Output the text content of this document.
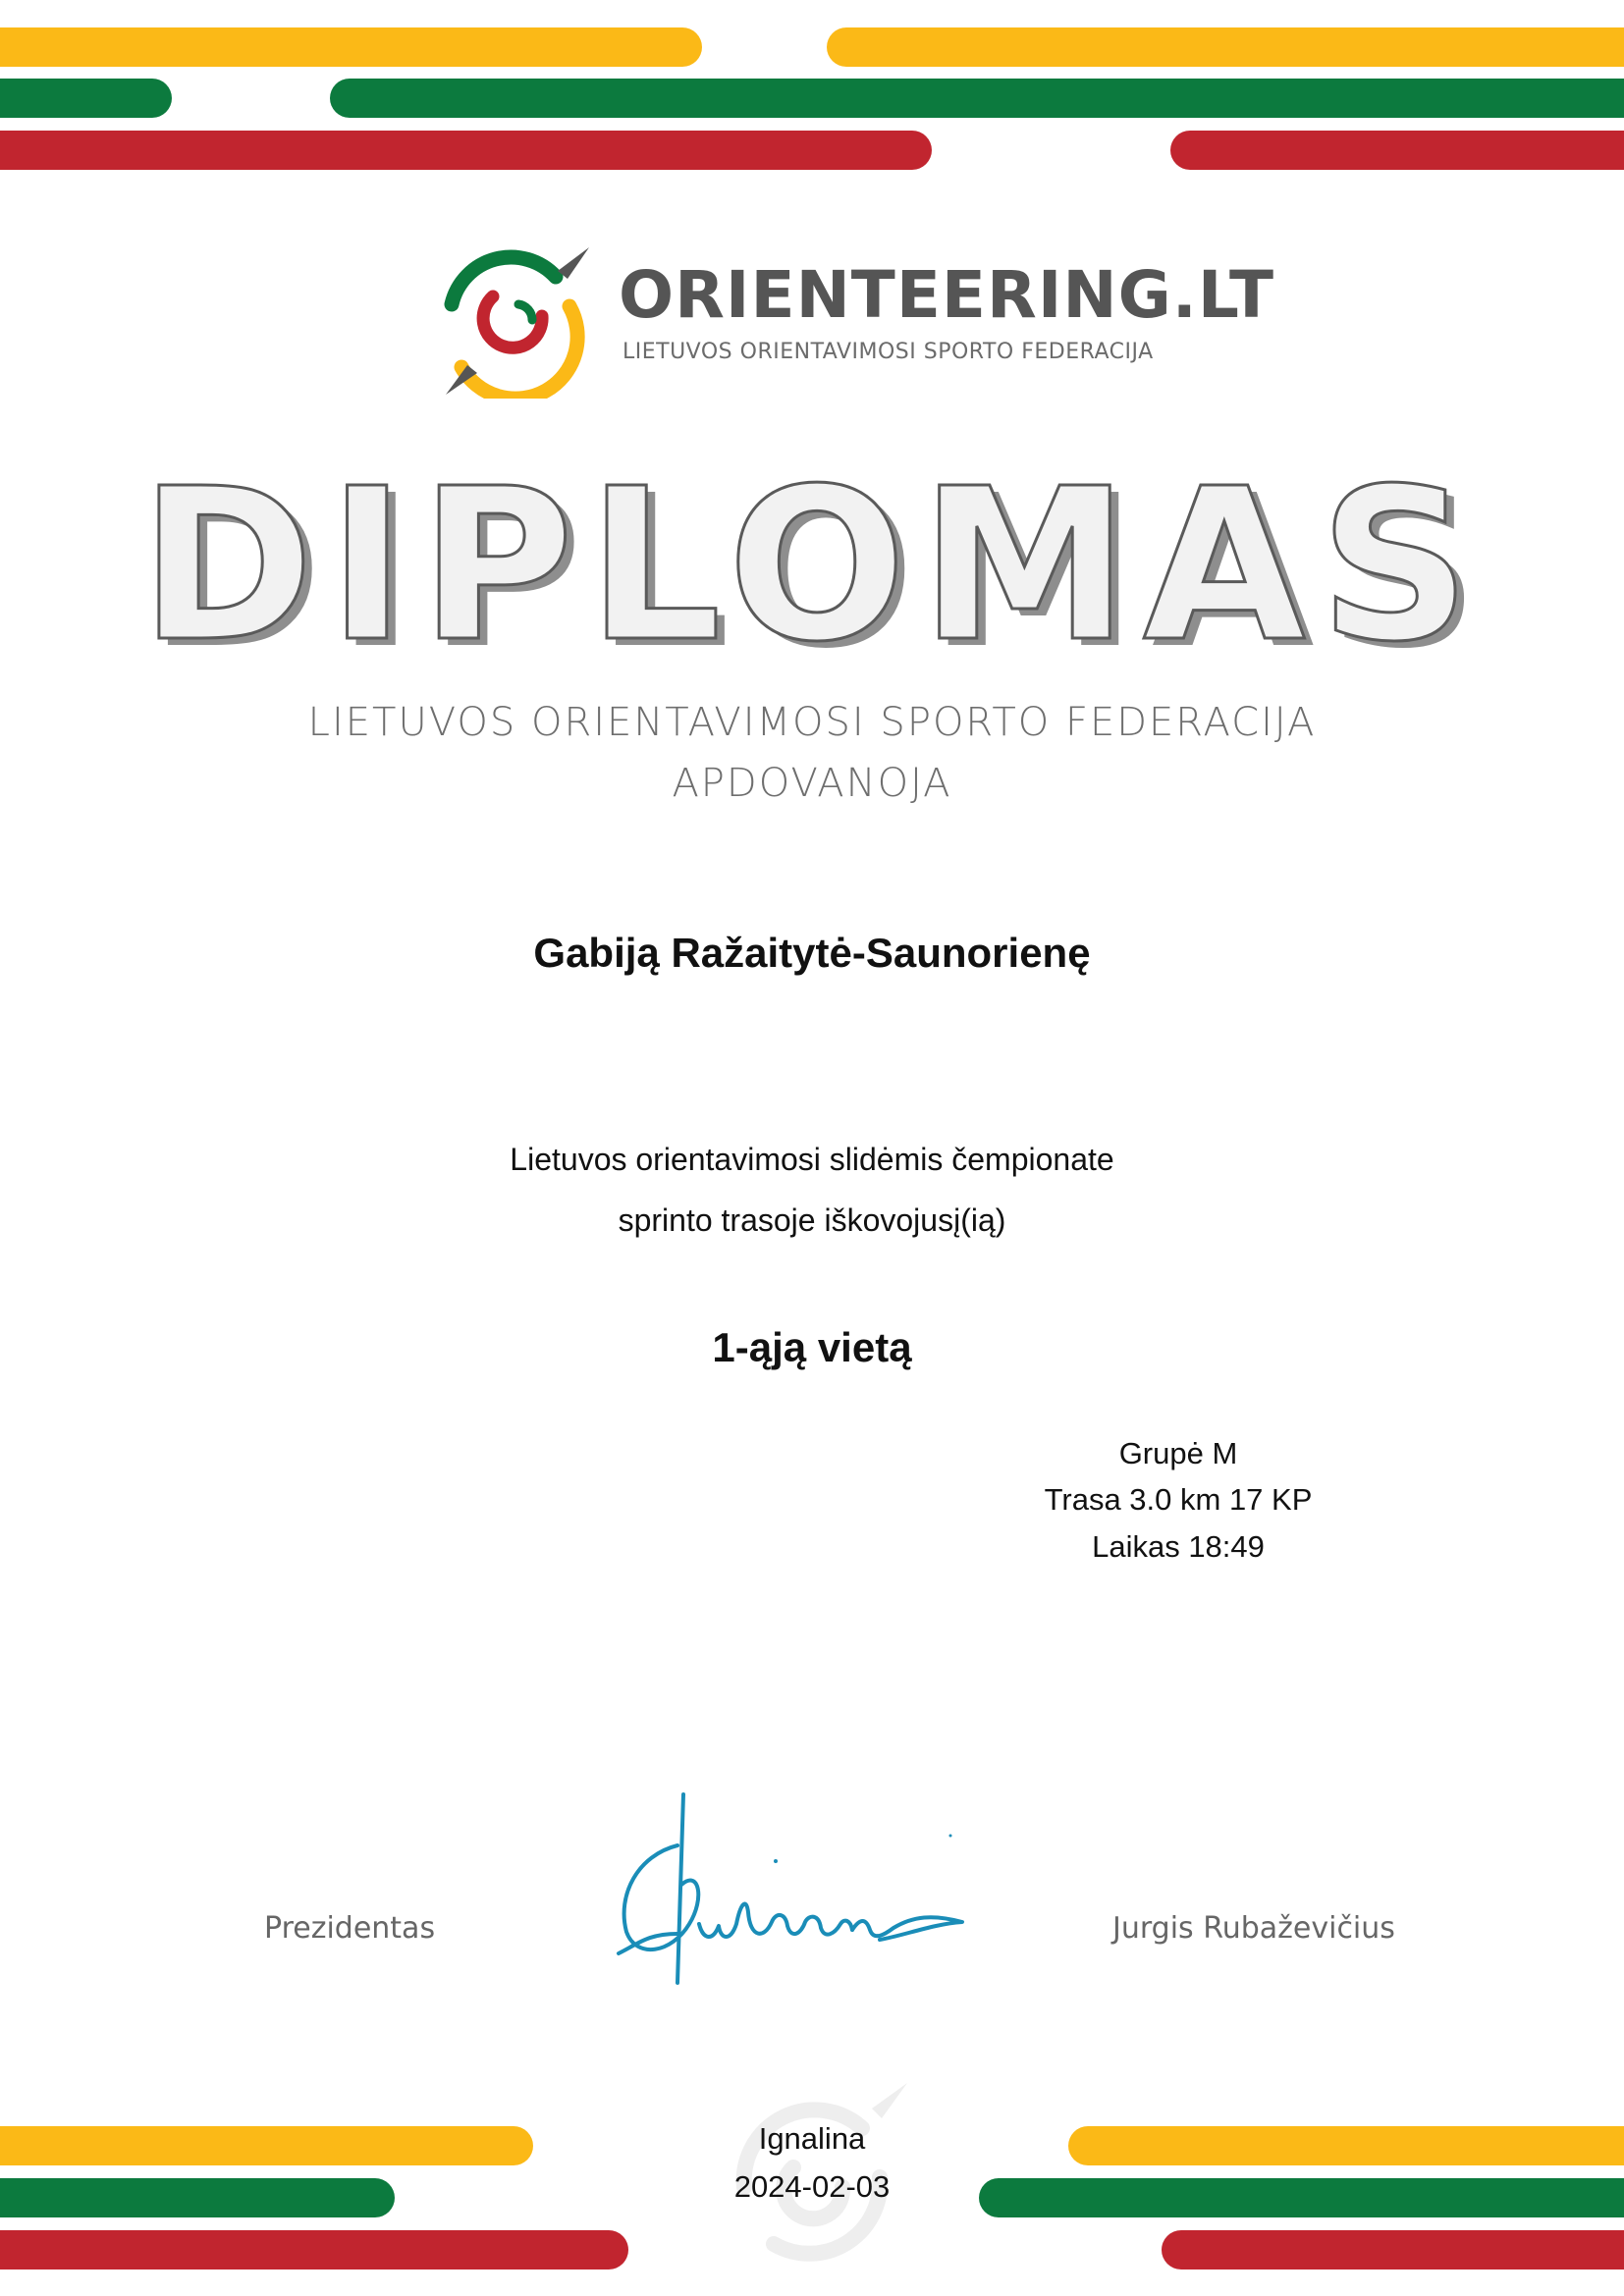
ORIENTEERING.LT
LIETUVOS ORIENTAVIMOSI SPORTO FEDERACIJA
DIPLOMAS
LIETUVOS ORIENTAVIMOSI SPORTO FEDERACIJA
APDOVANOJA
Gabiją Ražaitytė-Saunorienę
Lietuvos orientavimosi slidėmis čempionate
sprinto trasoje iškovojusį(ią)
1-ąją vietą
Grupė M
Trasa 3.0 km 17 KP
Laikas 18:49
Prezidentas	Jurgis Rubaževičius
Ignalina
2024-02-03
